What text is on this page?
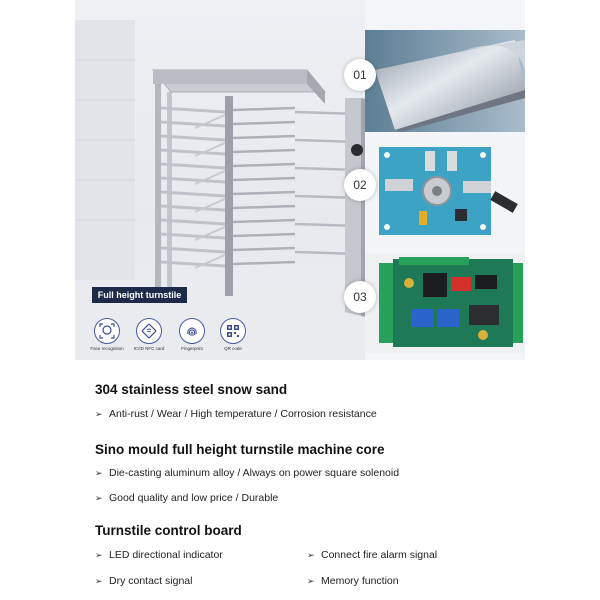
Full height turnstile
Face recognition	IC/ID NFC card	Fingerprint	QR code
01
02
03
304 stainless steel snow sand
➢ Anti-rust / Wear / High temperature / Corrosion resistance
Sino mould full height turnstile machine core
➢ Die-casting aluminum alloy / Always on power square solenoid
➢ Good quality and low price / Durable
Turnstile control board
➢ LED directional indicator	➢ Connect fire alarm signal
➢ Dry contact signal	➢ Memory function
